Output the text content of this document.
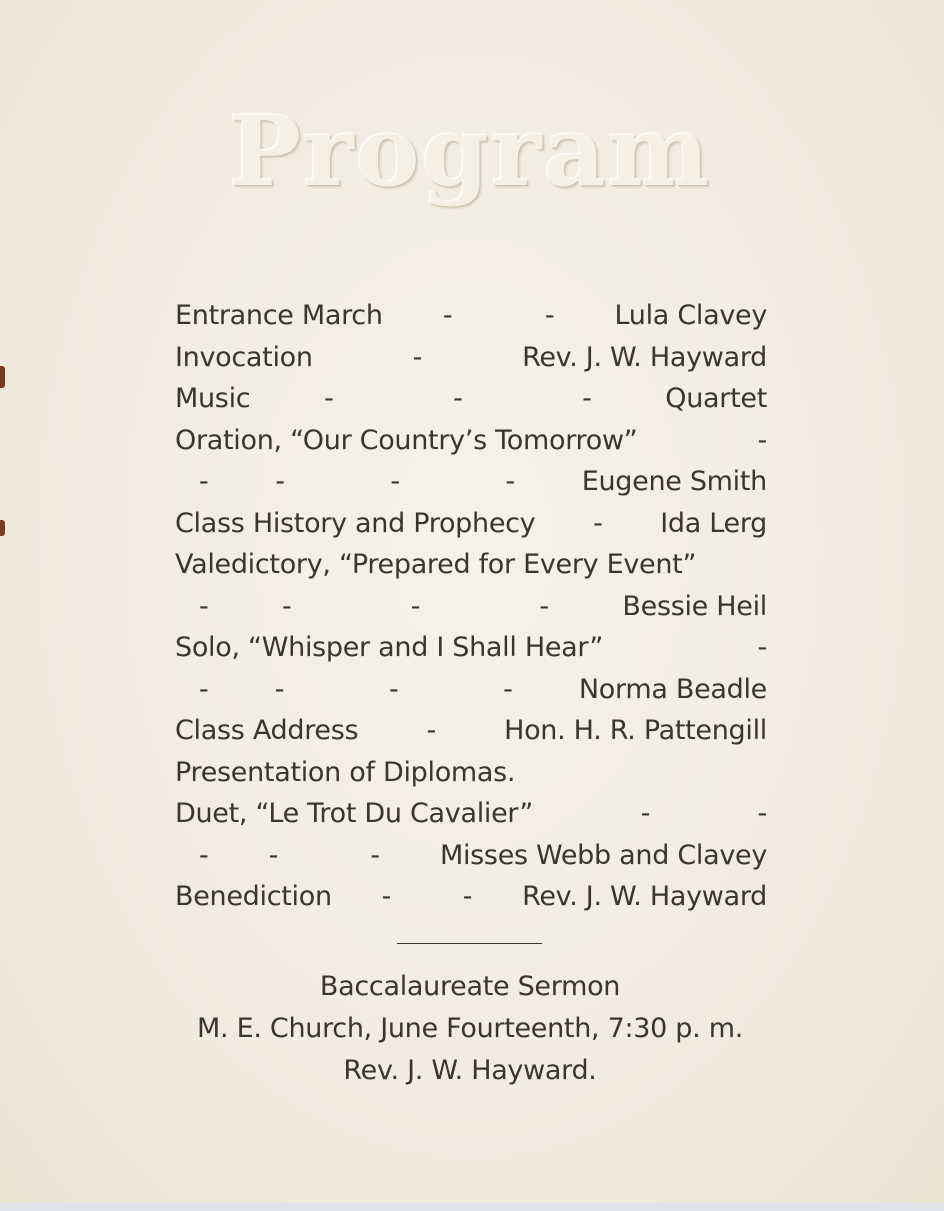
Program
Entrance March -	- Lula Clavey
Invocation	-	Rev. J. W. Hayward
Music	-	-	-	Quartet
Oration, “Our Country’s Tomorrow”	-
- -	-	- Eugene Smith
Class History and Prophecy - Ida Lerg
Valedictory, “Prepared for Every Event”
-	-	-	-	Bessie Heil
Solo, “Whisper and I Shall Hear”	-
- -	-	- Norma Beadle
Class Address	-	Hon. H. R. Pattengill
Presentation of Diplomas.
Duet, “Le Trot Du Cavalier”	-	-
- -	- Misses Webb and Clavey
Benediction -	- Rev. J. W. Hayward
Baccalaureate Sermon
M. E. Church, June Fourteenth, 7:30 p. m.
Rev. J. W. Hayward.
